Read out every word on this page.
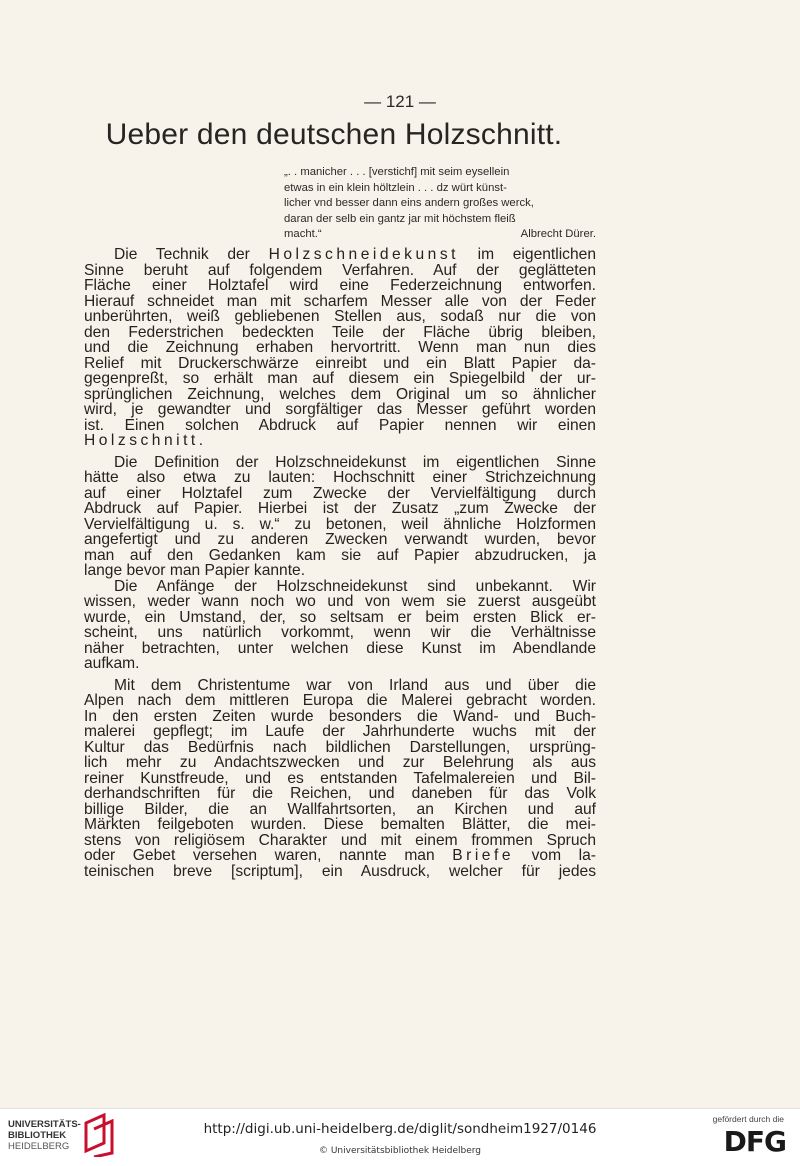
— 121 —
Ueber den deutschen Holzschnitt.
„. . manicher . . . [verstichf] mit seim eysellein
etwas in ein klein höltzlein . . . dz würt künst-
licher vnd besser dann eins andern großes werck,
daran der selb ein gantz jar mit höchstem fleiß
macht.“	Albrecht Dürer.
Die Technik der Holzschneidekunst im eigentlichen
Sinne beruht auf folgendem Verfahren. Auf der geglätteten
Fläche einer Holztafel wird eine Federzeichnung entworfen.
Hierauf schneidet man mit scharfem Messer alle von der Feder
unberührten, weiß gebliebenen Stellen aus, sodaß nur die von
den Federstrichen bedeckten Teile der Fläche übrig bleiben,
und die Zeichnung erhaben hervortritt. Wenn man nun dies
Relief mit Druckerschwärze einreibt und ein Blatt Papier da-
gegenpreßt, so erhält man auf diesem ein Spiegelbild der ur-
sprünglichen Zeichnung, welches dem Original um so ähnlicher
wird, je gewandter und sorgfältiger das Messer geführt worden
ist. Einen solchen Abdruck auf Papier nennen wir einen
Holzschnitt.
Die Definition der Holzschneidekunst im eigentlichen Sinne
hätte also etwa zu lauten: Hochschnitt einer Strichzeichnung
auf einer Holztafel zum Zwecke der Vervielfältigung durch
Abdruck auf Papier. Hierbei ist der Zusatz „zum Zwecke der
Vervielfältigung u. s. w.“ zu betonen, weil ähnliche Holzformen
angefertigt und zu anderen Zwecken verwandt wurden, bevor
man auf den Gedanken kam sie auf Papier abzudrucken, ja
lange bevor man Papier kannte.
Die Anfänge der Holzschneidekunst sind unbekannt. Wir
wissen, weder wann noch wo und von wem sie zuerst ausgeübt
wurde, ein Umstand, der, so seltsam er beim ersten Blick er-
scheint, uns natürlich vorkommt, wenn wir die Verhältnisse
näher betrachten, unter welchen diese Kunst im Abendlande
aufkam.
Mit dem Christentume war von Irland aus und über die
Alpen nach dem mittleren Europa die Malerei gebracht worden.
In den ersten Zeiten wurde besonders die Wand- und Buch-
malerei gepflegt; im Laufe der Jahrhunderte wuchs mit der
Kultur das Bedürfnis nach bildlichen Darstellungen, ursprüng-
lich mehr zu Andachtszwecken und zur Belehrung als aus
reiner Kunstfreude, und es entstanden Tafelmalereien und Bil-
derhandschriften für die Reichen, und daneben für das Volk
billige Bilder, die an Wallfahrtsorten, an Kirchen und auf
Märkten feilgeboten wurden. Diese bemalten Blätter, die mei-
stens von religiösem Charakter und mit einem frommen Spruch
oder Gebet versehen waren, nannte man Briefe vom la-
teinischen breve [scriptum], ein Ausdruck, welcher für jedes
UNIVERSITÄTS-
BIBLIOTHEK
HEIDELBERG
http://digi.ub.uni-heidelberg.de/diglit/sondheim1927/0146
© Universitätsbibliothek Heidelberg
gefördert durch die
DFG
